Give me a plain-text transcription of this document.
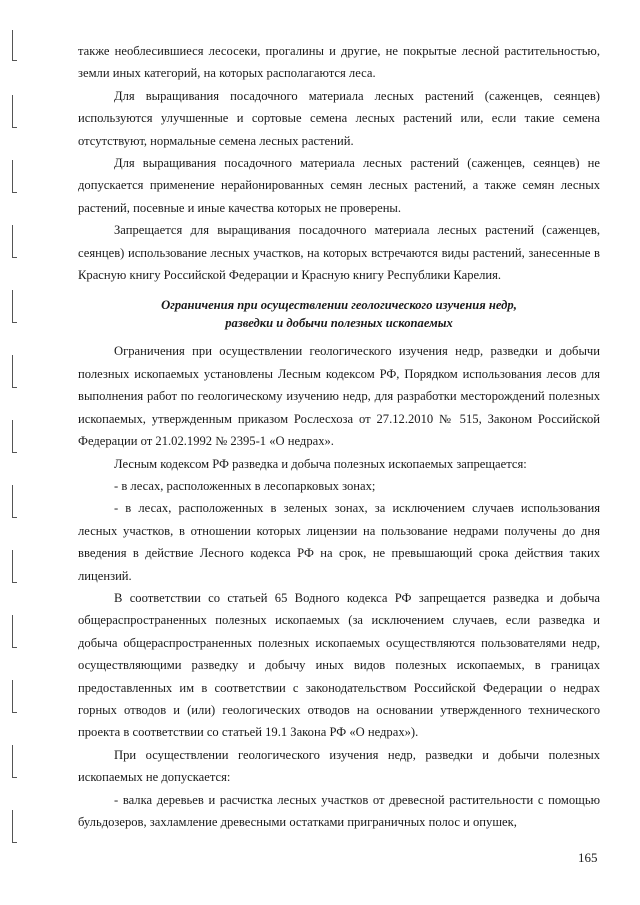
также необлесившиеся лесосеки, прогалины и другие, не покрытые лесной растительностью, земли иных категорий, на которых располагаются леса.

Для выращивания посадочного материала лесных растений (саженцев, сеянцев) используются улучшенные и сортовые семена лесных растений или, если такие семена отсутствуют, нормальные семена лесных растений.

Для выращивания посадочного материала лесных растений (саженцев, сеянцев) не допускается применение нерайонированных семян лесных растений, а также семян лесных растений, посевные и иные качества которых не проверены.

Запрещается для выращивания посадочного материала лесных растений (саженцев, сеянцев) использование лесных участков, на которых встречаются виды растений, занесенные в Красную книгу Российской Федерации и Красную книгу Республики Карелия.

Ограничения при осуществлении геологического изучения недр,
разведки и добычи полезных ископаемых

Ограничения при осуществлении геологического изучения недр, разведки и добычи полезных ископаемых установлены Лесным кодексом РФ, Порядком использования лесов для выполнения работ по геологическому изучению недр, для разработки месторождений полезных ископаемых, утвержденным приказом Рослесхоза от 27.12.2010 № 515, Законом Российской Федерации от 21.02.1992 № 2395-1 «О недрах».

Лесным кодексом РФ разведка и добыча полезных ископаемых запрещается:

- в лесах, расположенных в лесопарковых зонах;

- в лесах, расположенных в зеленых зонах, за исключением случаев использования лесных участков, в отношении которых лицензии на пользование недрами получены до дня введения в действие Лесного кодекса РФ на срок, не превышающий срока действия таких лицензий.

В соответствии со статьей 65 Водного кодекса РФ запрещается разведка и добыча общераспространенных полезных ископаемых (за исключением случаев, если разведка и добыча общераспространенных полезных ископаемых осуществляются пользователями недр, осуществляющими разведку и добычу иных видов полезных ископаемых, в границах предоставленных им в соответствии с законодательством Российской Федерации о недрах горных отводов и (или) геологических отводов на основании утвержденного технического проекта в соответствии со статьей 19.1 Закона РФ «О недрах»).

При осуществлении геологического изучения недр, разведки и добычи полезных ископаемых не допускается:

- валка деревьев и расчистка лесных участков от древесной растительности с помощью бульдозеров, захламление древесными остатками приграничных полос и опушек,

165
